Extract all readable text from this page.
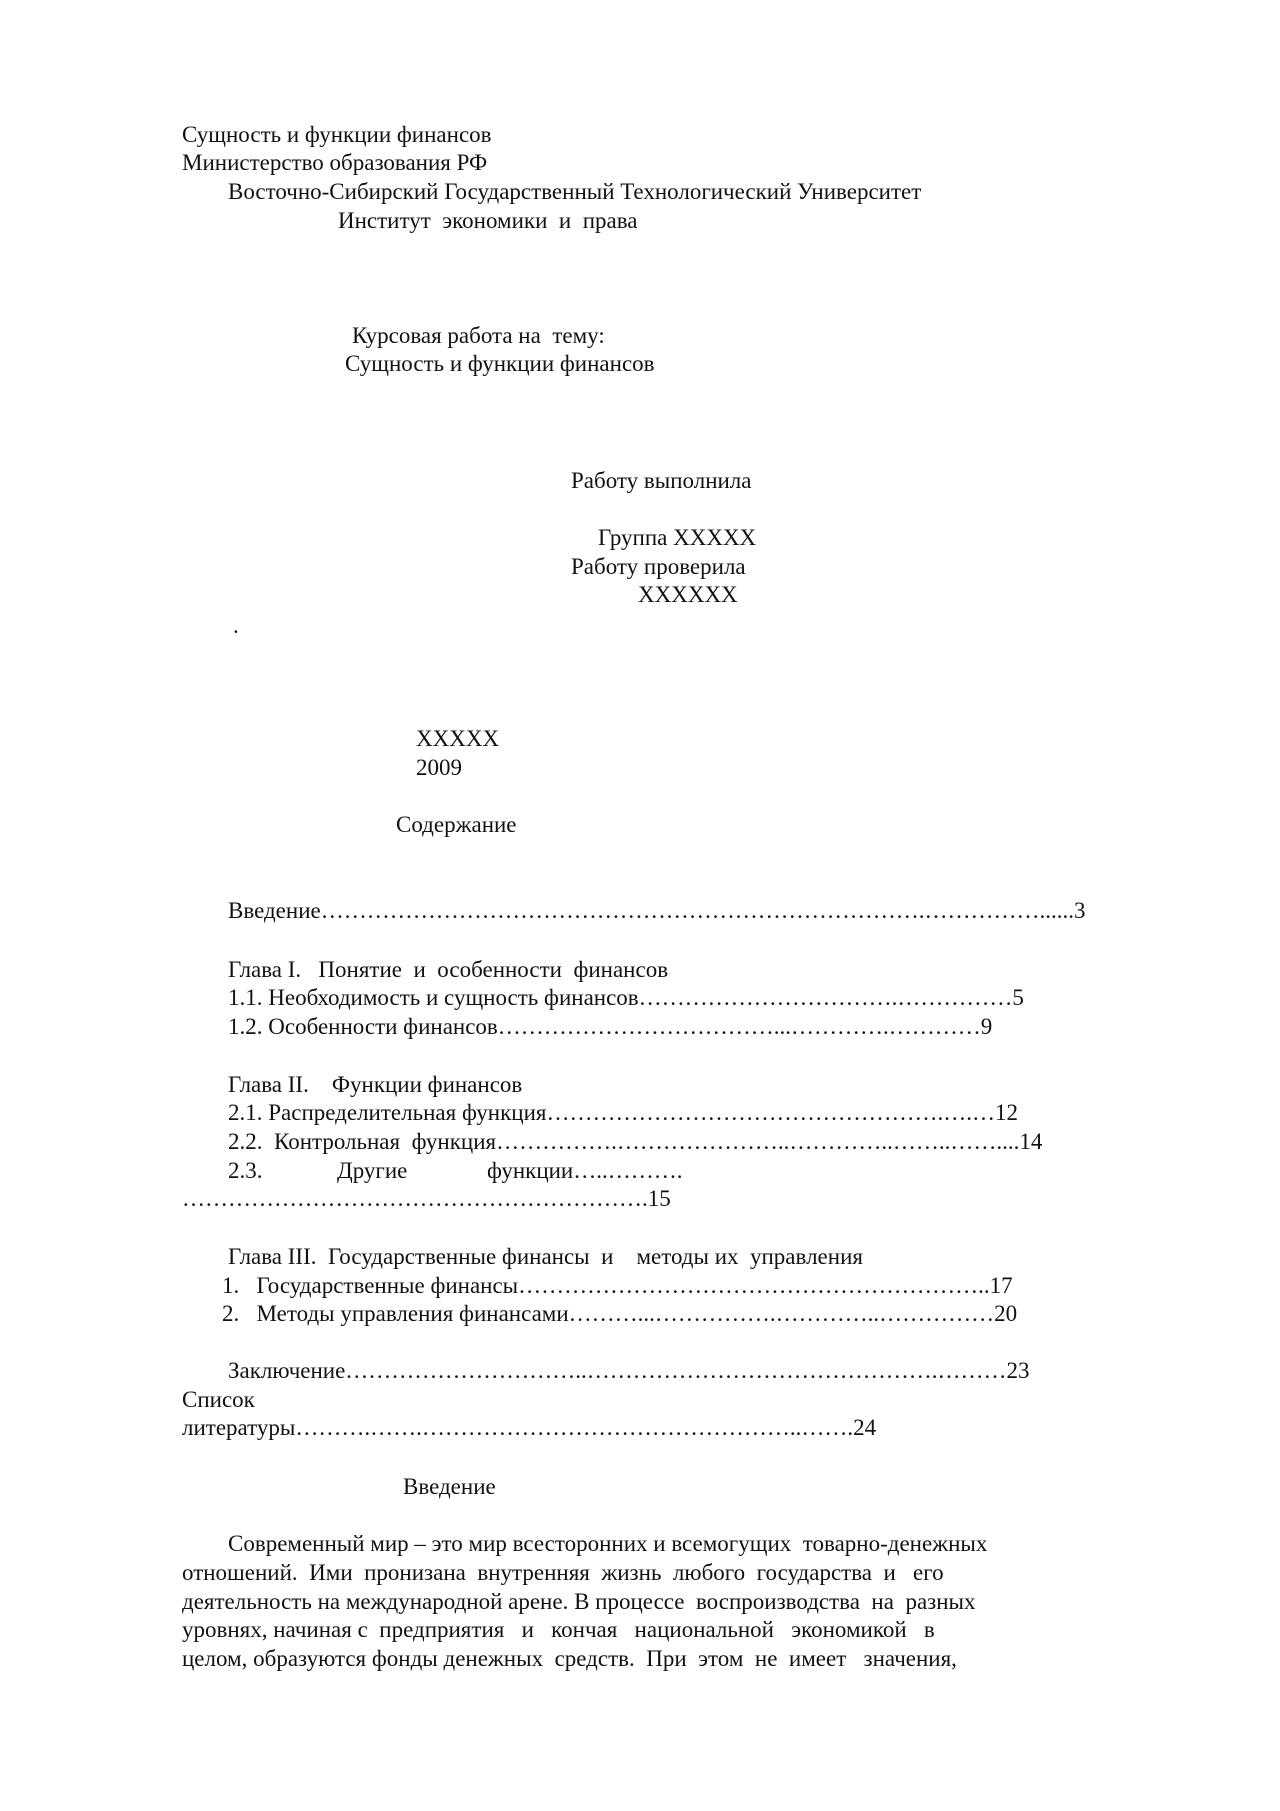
Сущность и функции финансов
Министерство образования РФ
Восточно-Сибирский Государственный Технологический Университет
Институт  экономики  и  права
Курсовая работа на  тему:
Сущность и функции финансов
Работу выполнила
Группа XXXXX
Работу проверила
XXXXXX
.
XXXXX
2009
Содержание
Введение…………………………………………………………………….……………......3
Глава I.   Понятие  и  особенности  финансов
1.1. Необходимость и сущность финансов…………………………….……………5
1.2. Особенности финансов………………………………...………….…………9
Глава II.    Функции финансов
2.1. Распределительная функция…………………………………………….….…12
2.2.  Контрольная  функция…………….…………………..…………..……..……....14
2.3.	Другие	функции…..……….
…………………………………………………….15
Глава III.  Государственные финансы  и    методы их  управления
1.   Государственные финансы……………………………………………………..17
2.   Методы управления финансами………...…………….…………..……………20
Заключение…………………………..……………………………………….………23
Список
литературы……….…….…………………………………………..…….24
Введение
Современный мир – это мир всесторонних и всемогущих  товарно-денежных
отношений.  Ими  пронизана  внутренняя  жизнь  любого  государства  и   его
деятельность на международной арене. В процессе  воспроизводства  на  разных
уровнях, начиная с  предприятия   и   кончая   национальной   экономикой   в
целом, образуются фонды денежных  средств.  При  этом  не  имеет   значения,
